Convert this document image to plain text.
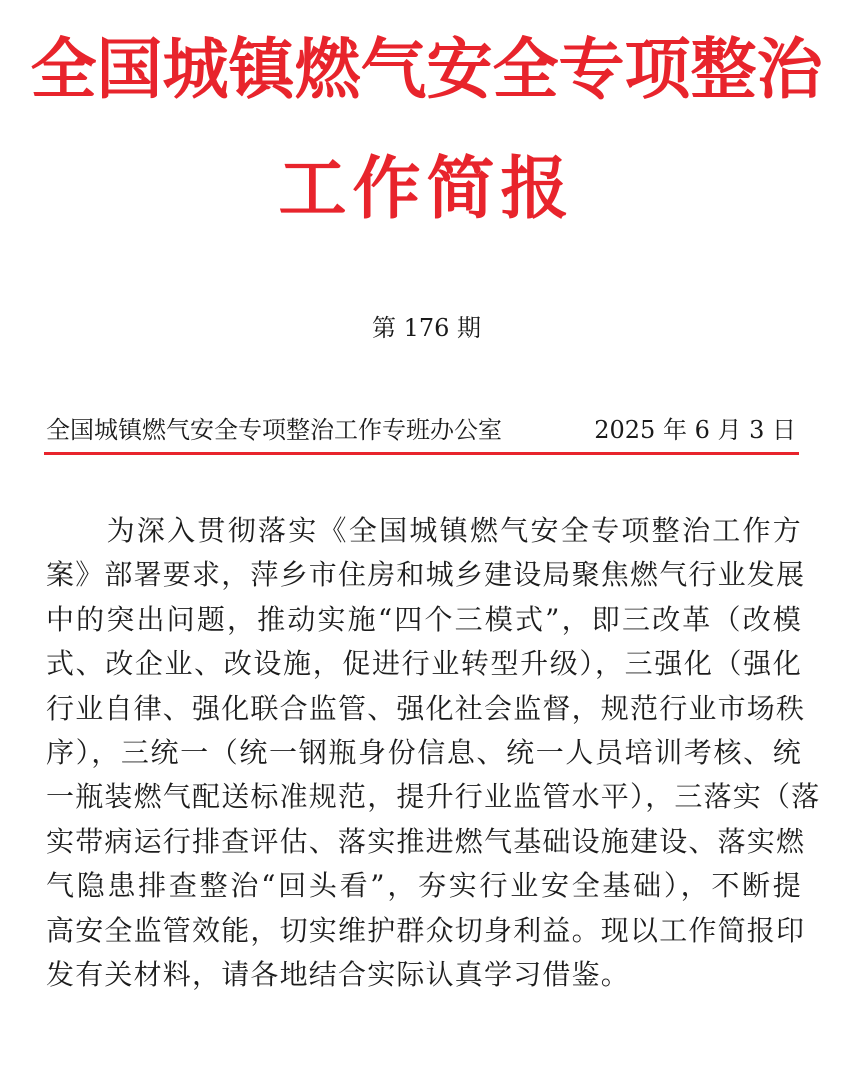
全国城镇燃气安全专项整治
工作简报
第 176 期
全国城镇燃气安全专项整治工作专班办公室	2025 年 6 月 3 日
　　为深入贯彻落实《全国城镇燃气安全专项整治工作方
案》部署要求，萍乡市住房和城乡建设局聚焦燃气行业发展
中的突出问题，推动实施“四个三模式”，即三改革（改模
式、改企业、改设施，促进行业转型升级），三强化（强化
行业自律、强化联合监管、强化社会监督，规范行业市场秩
序），三统一（统一钢瓶身份信息、统一人员培训考核、统
一瓶装燃气配送标准规范，提升行业监管水平），三落实（落
实带病运行排查评估、落实推进燃气基础设施建设、落实燃
气隐患排查整治“回头看”，夯实行业安全基础），不断提
高安全监管效能，切实维护群众切身利益。现以工作简报印
发有关材料，请各地结合实际认真学习借鉴。
